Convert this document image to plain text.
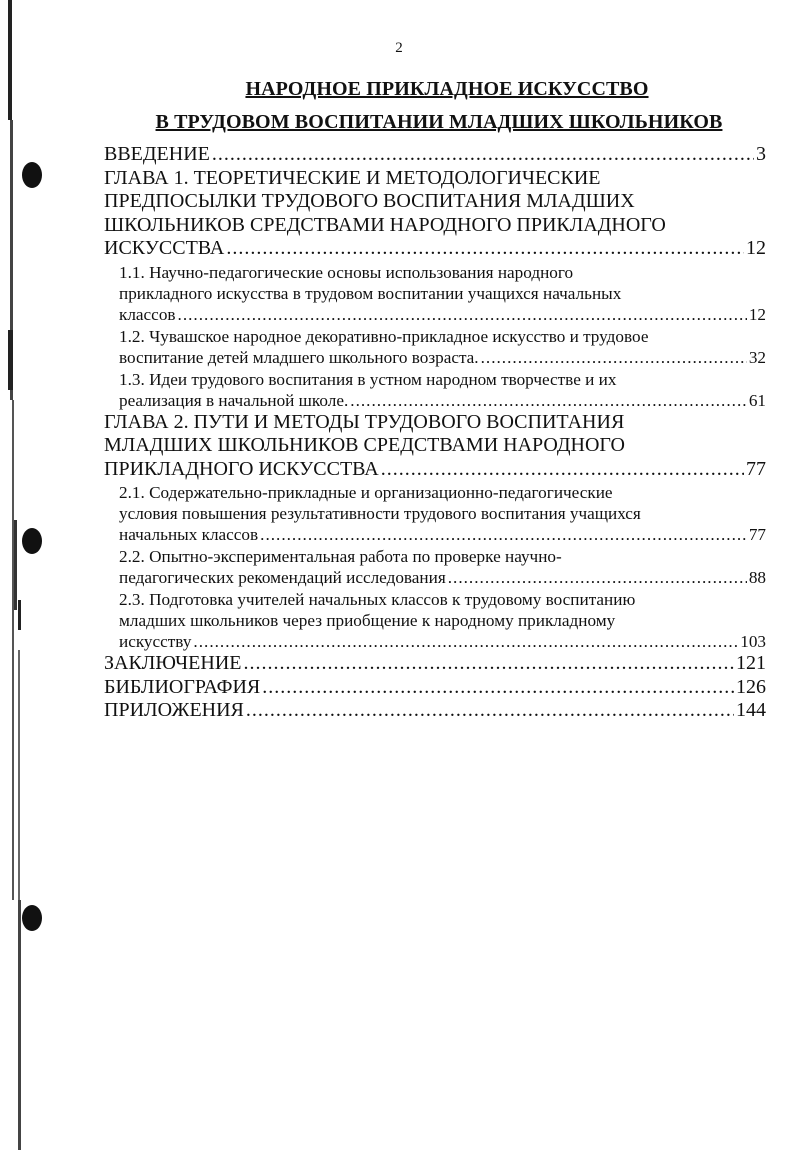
2
НАРОДНОЕ ПРИКЛАДНОЕ ИСКУССТВО
В ТРУДОВОМ ВОСПИТАНИИ МЛАДШИХ ШКОЛЬНИКОВ
ВВЕДЕНИЕ .....	3
ГЛАВА 1. ТЕОРЕТИЧЕСКИЕ И МЕТОДОЛОГИЧЕСКИЕ
ПРЕДПОСЫЛКИ ТРУДОВОГО ВОСПИТАНИЯ МЛАДШИХ
ШКОЛЬНИКОВ СРЕДСТВАМИ НАРОДНОГО ПРИКЛАДНОГО
ИСКУССТВА .....	12
1.1. Научно-педагогические основы использования народного
прикладного искусства в трудовом воспитании учащихся начальных
классов .....	12
1.2. Чувашское народное декоративно-прикладное искусство и трудовое
воспитание детей младшего школьного возраста. .....	32
1.3. Идеи трудового воспитания в устном народном творчестве и их
реализация в начальной школе. .....	61
ГЛАВА 2. ПУТИ И МЕТОДЫ ТРУДОВОГО ВОСПИТАНИЯ
МЛАДШИХ ШКОЛЬНИКОВ СРЕДСТВАМИ НАРОДНОГО
ПРИКЛАДНОГО ИСКУССТВА .....	77
2.1. Содержательно-прикладные и организационно-педагогические
условия повышения результативности трудового воспитания учащихся
начальных классов .....	77
2.2. Опытно-экспериментальная работа по проверке научно-
педагогических рекомендаций исследования .....	88
2.3. Подготовка учителей начальных классов к трудовому воспитанию
младших школьников через приобщение к народному прикладному
искусству .....	103
ЗАКЛЮЧЕНИЕ .....	121
БИБЛИОГРАФИЯ .....	126
ПРИЛОЖЕНИЯ .....	144
